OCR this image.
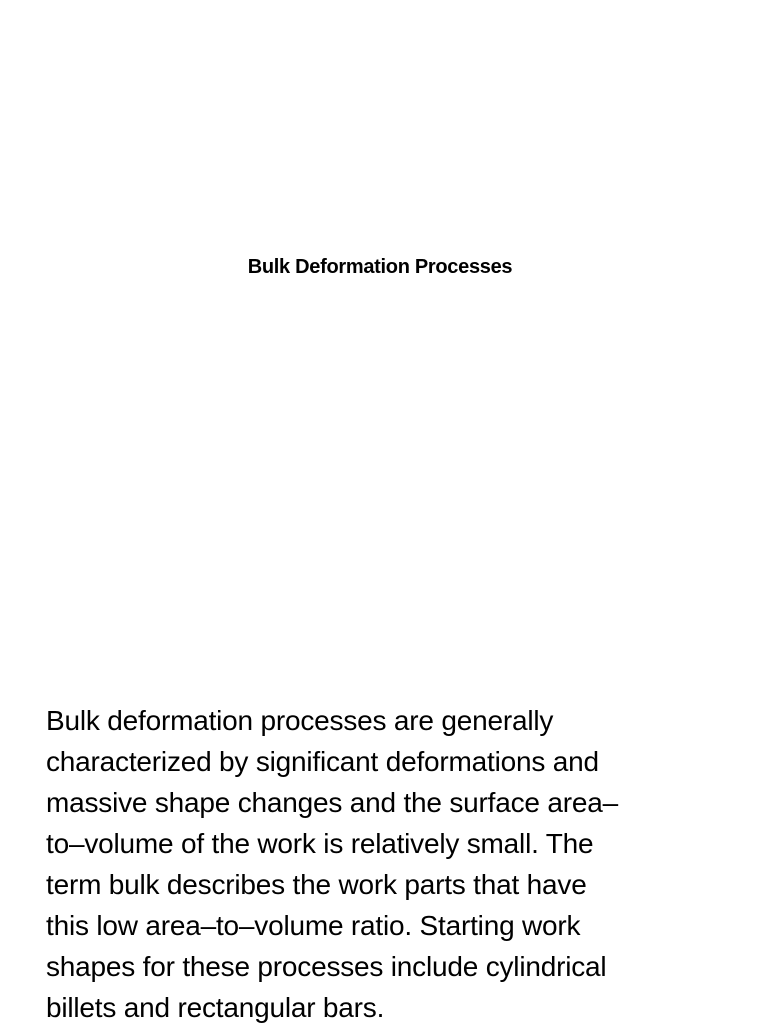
Bulk Deformation Processes

Bulk deformation processes are generally
characterized by significant deformations and
massive shape changes and the surface area–
to–volume of the work is relatively small. The
term bulk describes the work parts that have
this low area–to–volume ratio. Starting work
shapes for these processes include cylindrical
billets and rectangular bars.
